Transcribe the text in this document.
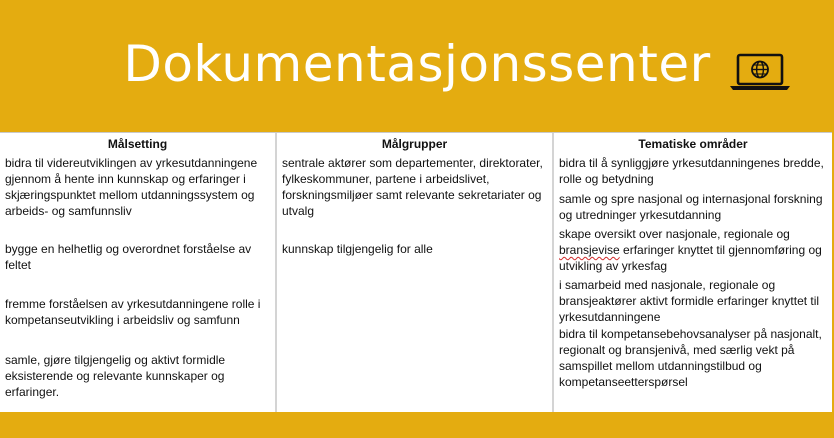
Dokumentasjonssenter
Målsetting
bidra til videreutviklingen av yrkesutdanningene gjennom å hente inn kunnskap og erfaringer i skjæringspunktet mellom utdanningssystem og arbeids- og samfunnsliv
bygge en helhetlig og overordnet forståelse av feltet
fremme forståelsen av yrkesutdanningene rolle i kompetanseutvikling i arbeidsliv og samfunn
samle, gjøre tilgjengelig og aktivt formidle eksisterende og relevante kunnskaper og erfaringer.
Målgrupper
sentrale aktører som departementer, direktorater, fylkeskommuner, partene i arbeidslivet, forskningsmiljøer samt relevante sekretariater og utvalg
kunnskap tilgjengelig for alle
Tematiske områder
bidra til å synliggjøre yrkesutdanningenes bredde, rolle og betydning
samle og spre nasjonal og internasjonal forskning og utredninger yrkesutdanning
skape oversikt over nasjonale, regionale og bransjevise erfaringer knyttet til gjennomføring og utvikling av yrkesfag
i samarbeid med nasjonale, regionale og bransjeaktører aktivt formidle erfaringer knyttet til yrkesutdanningene
bidra til kompetansebehovsanalyser på nasjonalt, regionalt og bransjenivå, med særlig vekt på samspillet mellom utdanningstilbud og kompetanseetterspørsel
